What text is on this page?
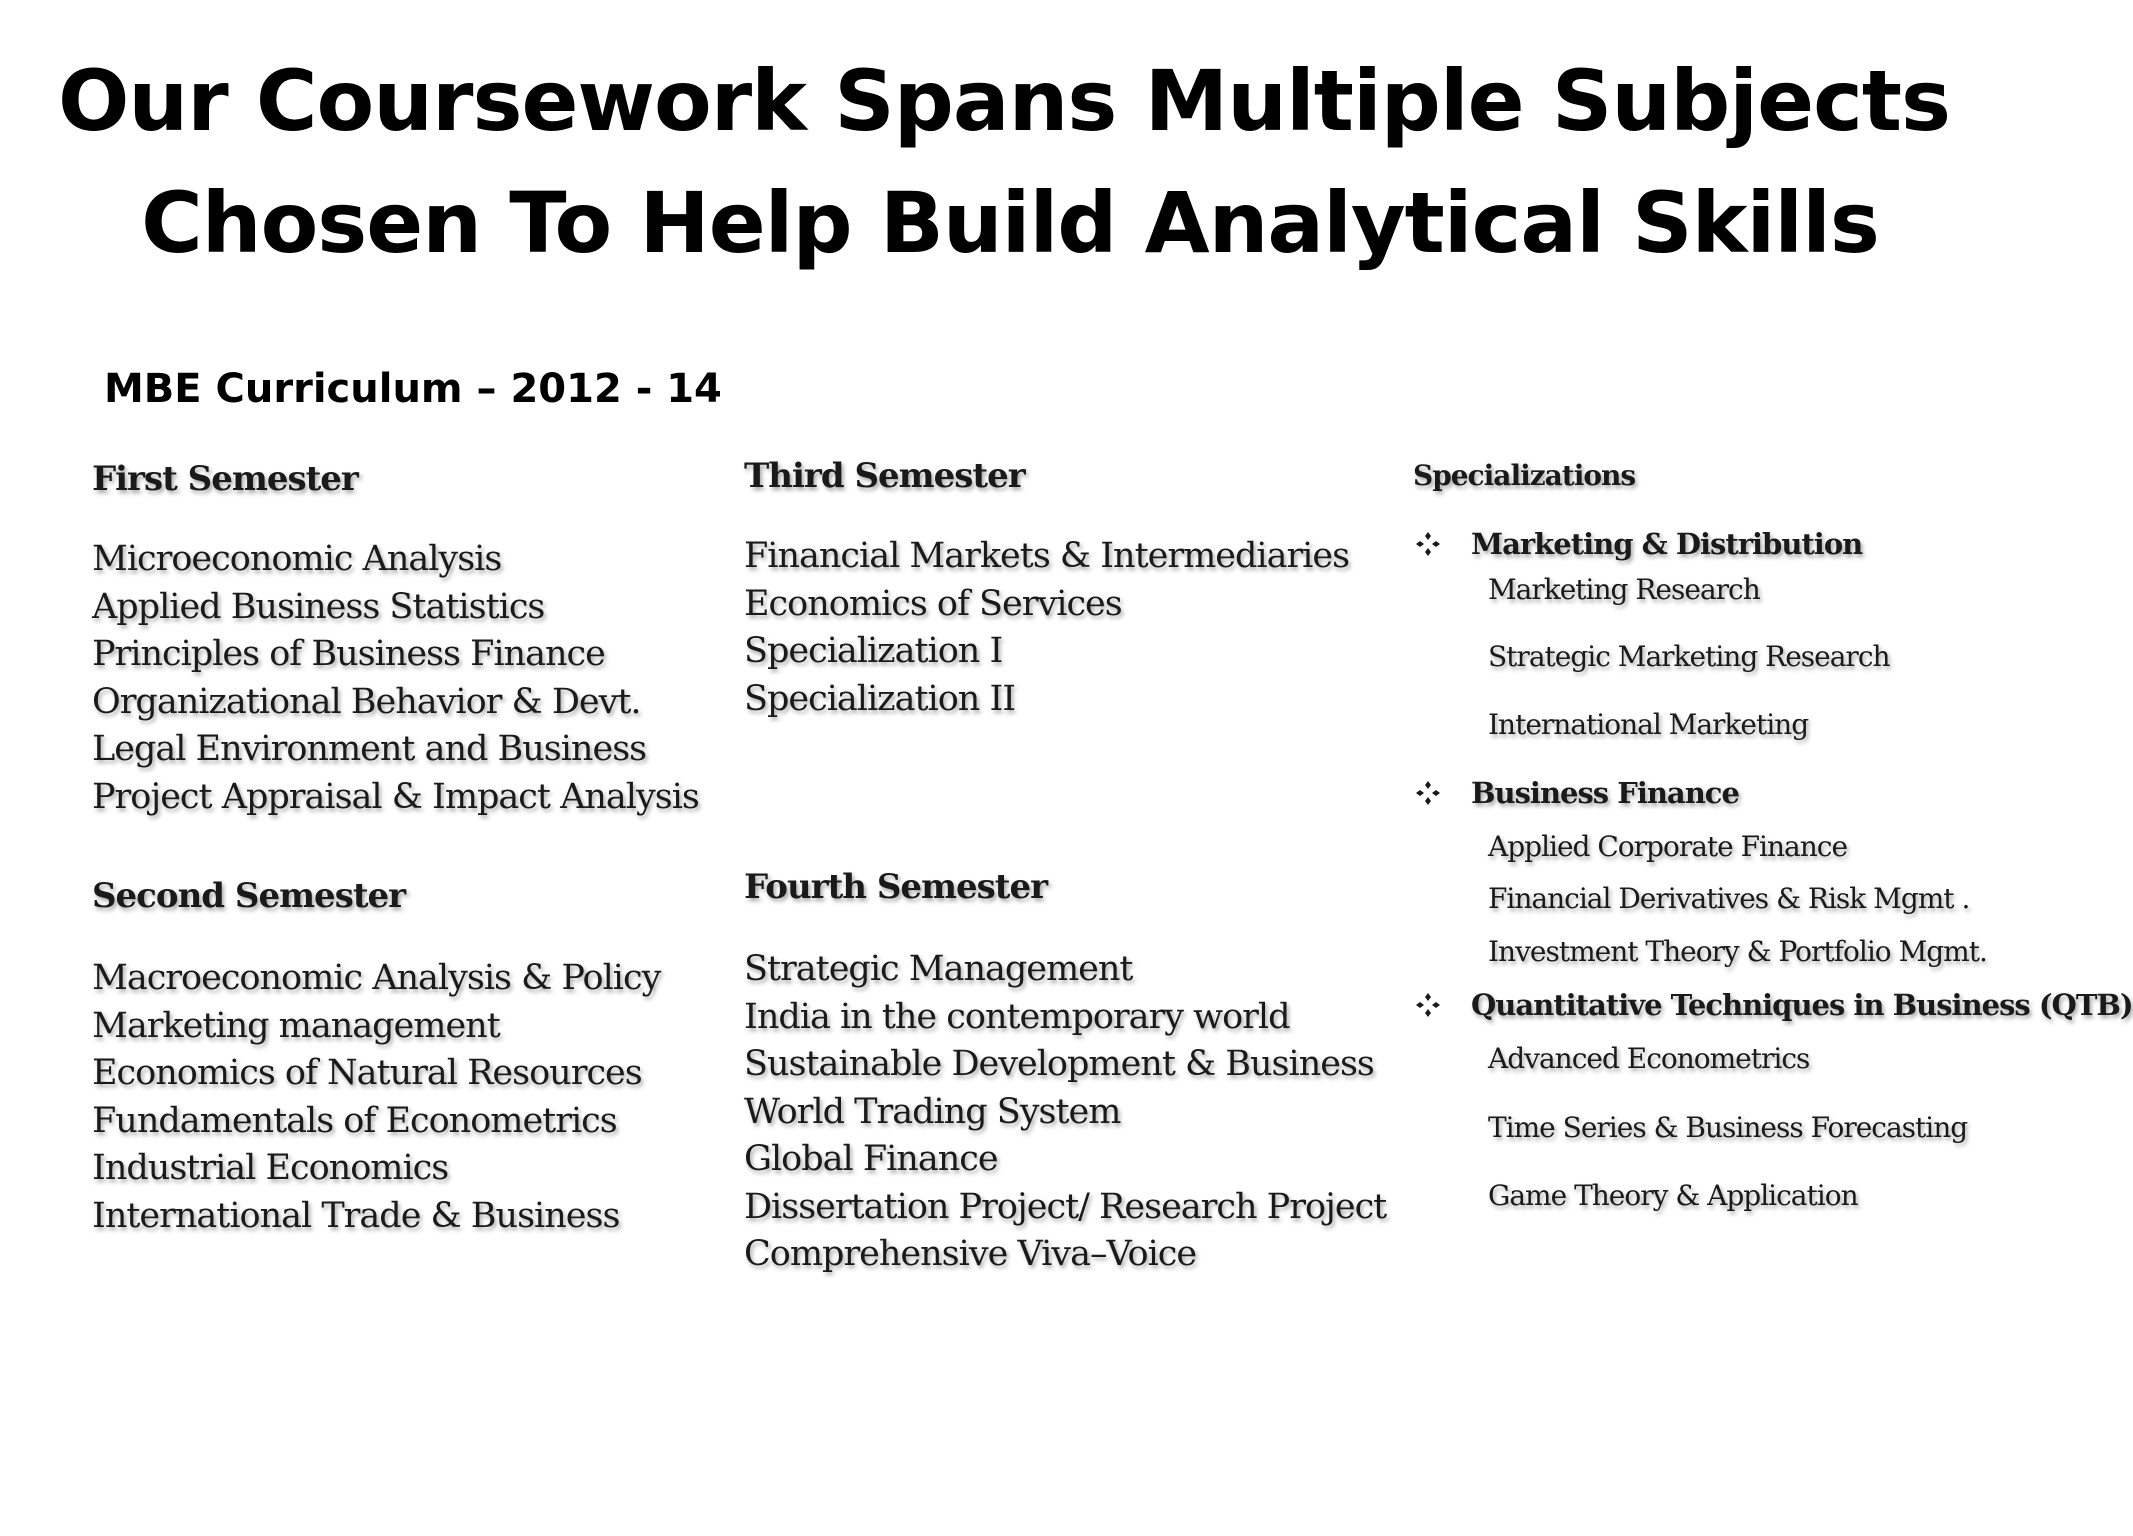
Our Coursework Spans Multiple Subjects
Chosen To Help Build Analytical Skills
MBE Curriculum – 2012 - 14
First Semester
Microeconomic Analysis
Applied Business Statistics
Principles of Business Finance
Organizational Behavior & Devt.
Legal Environment and Business
Project Appraisal & Impact Analysis
Second Semester
Macroeconomic Analysis & Policy
Marketing management
Economics of Natural Resources
Fundamentals of Econometrics
Industrial Economics
International Trade & Business
Third Semester
Financial Markets & Intermediaries
Economics of Services
Specialization I
Specialization II
Fourth Semester
Strategic Management
India in the contemporary world
Sustainable Development & Business
World Trading System
Global Finance
Dissertation Project/ Research Project
Comprehensive Viva–Voice
Specializations
Marketing & Distribution
Marketing Research
Strategic Marketing Research
International Marketing
Business Finance
Applied Corporate Finance
Financial Derivatives & Risk Mgmt .
Investment Theory & Portfolio Mgmt.
Quantitative Techniques in Business (QTB)
Advanced Econometrics
Time Series & Business Forecasting
Game Theory & Application
